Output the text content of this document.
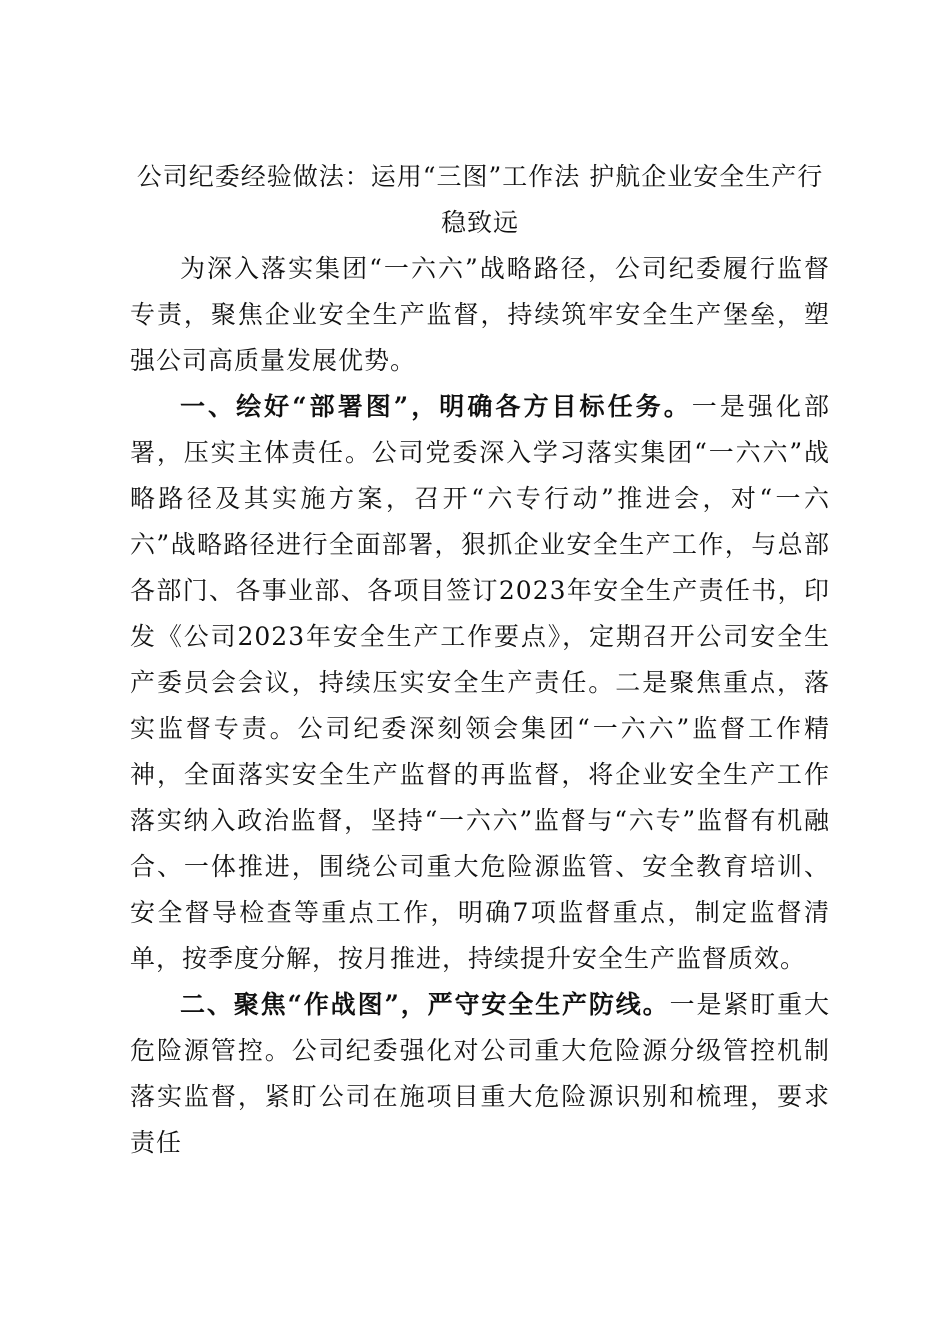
公司纪委经验做法：运用“三图”工作法 护航企业安全生产行稳致远

为深入落实集团“一六六”战略路径，公司纪委履行监督专责，聚焦企业安全生产监督，持续筑牢安全生产堡垒，塑强公司高质量发展优势。

一、绘好“部署图”，明确各方目标任务。一是强化部署，压实主体责任。公司党委深入学习落实集团“一六六”战略路径及其实施方案，召开“六专行动”推进会，对“一六六”战略路径进行全面部署，狠抓企业安全生产工作，与总部各部门、各事业部、各项目签订2023年安全生产责任书，印发《公司2023年安全生产工作要点》，定期召开公司安全生产委员会会议，持续压实安全生产责任。二是聚焦重点，落实监督专责。公司纪委深刻领会集团“一六六”监督工作精神，全面落实安全生产监督的再监督，将企业安全生产工作落实纳入政治监督，坚持“一六六”监督与“六专”监督有机融合、一体推进，围绕公司重大危险源监管、安全教育培训、安全督导检查等重点工作，明确7项监督重点，制定监督清单，按季度分解，按月推进，持续提升安全生产监督质效。

二、聚焦“作战图”，严守安全生产防线。一是紧盯重大危险源管控。公司纪委强化对公司重大危险源分级管控机制落实监督，紧盯公司在施项目重大危险源识别和梳理，要求责任
